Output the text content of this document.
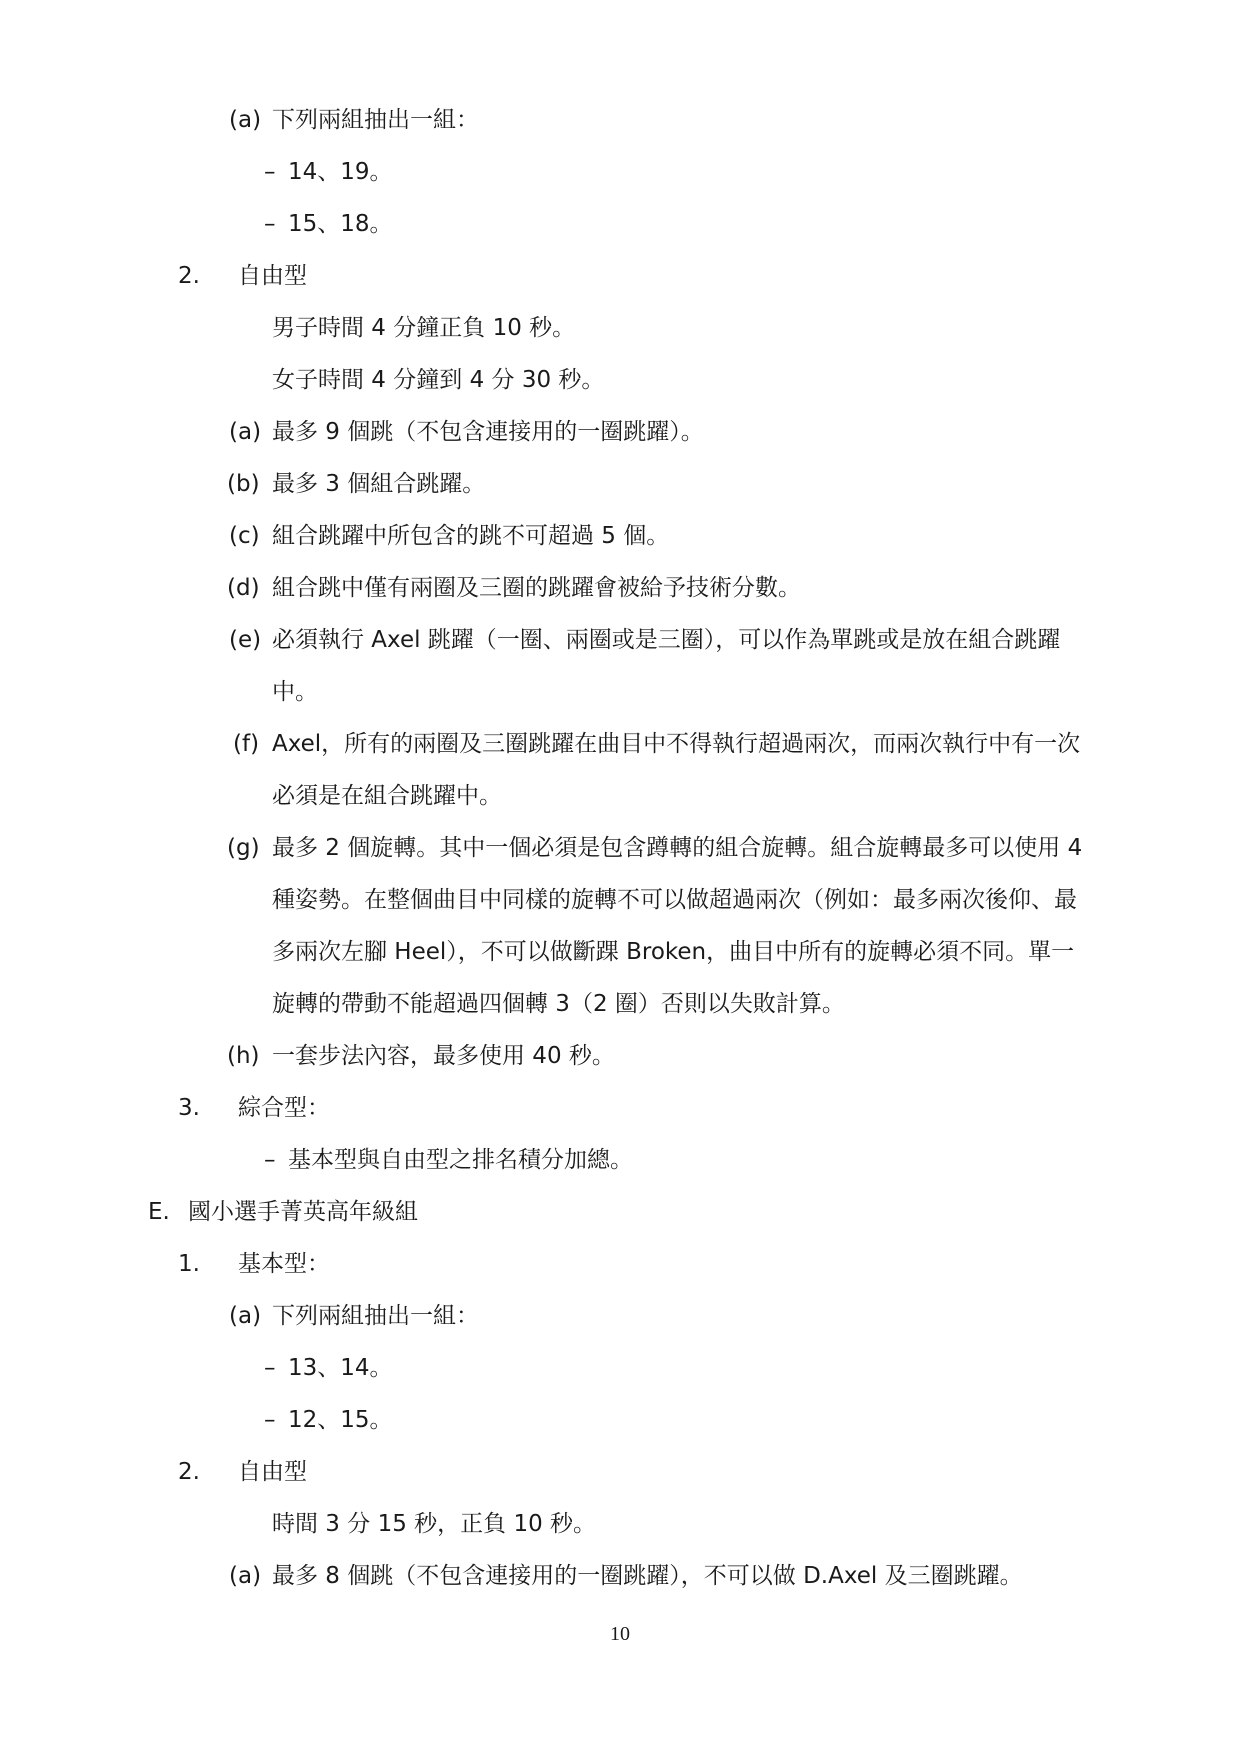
(a) 下列兩組抽出一組：
– 14、19。
– 15、18。
2. 自由型
男子時間 4 分鐘正負 10 秒。
女子時間 4 分鐘到 4 分 30 秒。
(a) 最多 9 個跳（不包含連接用的一圈跳躍）。
(b) 最多 3 個組合跳躍。
(c) 組合跳躍中所包含的跳不可超過 5 個。
(d) 組合跳中僅有兩圈及三圈的跳躍會被給予技術分數。
(e) 必須執行 Axel 跳躍（一圈、兩圈或是三圈），可以作為單跳或是放在組合跳躍
中。
(f) Axel，所有的兩圈及三圈跳躍在曲目中不得執行超過兩次，而兩次執行中有一次
必須是在組合跳躍中。
(g) 最多 2 個旋轉。其中一個必須是包含蹲轉的組合旋轉。組合旋轉最多可以使用 4
種姿勢。在整個曲目中同樣的旋轉不可以做超過兩次（例如：最多兩次後仰、最
多兩次左腳 Heel），不可以做斷踝 Broken，曲目中所有的旋轉必須不同。單一
旋轉的帶動不能超過四個轉 3（2 圈）否則以失敗計算。
(h) 一套步法內容，最多使用 40 秒。
3. 綜合型：
– 基本型與自由型之排名積分加總。
E. 國小選手菁英高年級組
1. 基本型：
(a) 下列兩組抽出一組：
– 13、14。
– 12、15。
2. 自由型
時間 3 分 15 秒，正負 10 秒。
(a) 最多 8 個跳（不包含連接用的一圈跳躍），不可以做 D.Axel 及三圈跳躍。
10
